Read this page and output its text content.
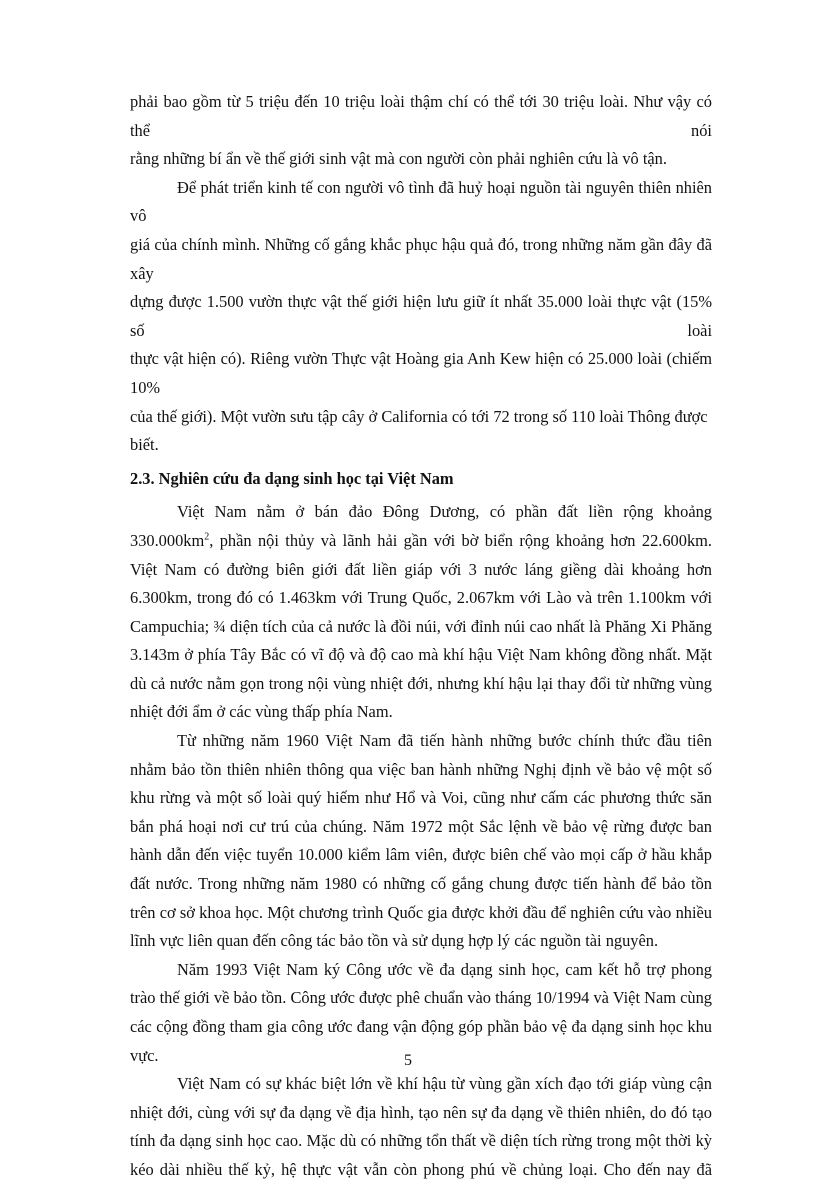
phải bao gồm từ 5 triệu đến 10 triệu loài thậm chí có thể tới 30 triệu loài. Như vậy có thể nói
rằng những bí ẩn về thế giới sinh vật mà con người còn phải nghiên cứu là vô tận.
Để phát triển kinh tế con người vô tình đã huỷ hoại nguồn tài nguyên thiên nhiên vô
giá của chính mình. Những cố gắng khắc phục hậu quả đó, trong những năm gần đây đã xây
dựng được 1.500 vườn thực vật thế giới hiện lưu giữ ít nhất 35.000 loài thực vật (15% số loài
thực vật hiện có). Riêng vườn Thực vật Hoàng gia Anh Kew hiện có 25.000 loài (chiếm 10%
của thế giới). Một vườn sưu tập cây ở California có tới 72 trong số 110 loài Thông được biết.
2.3. Nghiên cứu đa dạng sinh học tại Việt Nam
Việt Nam nằm ở bán đảo Đông Dương, có phần đất liền rộng khoảng
$330.000km^2$, phần nội thủy và lãnh hải gần với bờ biển rộng khoảng hơn 22.600km.
Việt Nam có đường biên giới đất liền giáp với 3 nước láng giềng dài khoảng hơn
6.300km, trong đó có 1.463km với Trung Quốc, 2.067km với Lào và trên 1.100km với
Campuchia; ¾ diện tích của cả nước là đồi núi, với đỉnh núi cao nhất là Phăng Xi Phăng
3.143m ở phía Tây Bắc có vĩ độ và độ cao mà khí hậu Việt Nam không đồng nhất. Mặt
dù cả nước nằm gọn trong nội vùng nhiệt đới, nhưng khí hậu lại thay đổi từ những vùng
nhiệt đới ẩm ở các vùng thấp phía Nam.
Từ những năm 1960 Việt Nam đã tiến hành những bước chính thức đầu tiên
nhằm bảo tồn thiên nhiên thông qua việc ban hành những Nghị định về bảo vệ một số
khu rừng và một số loài quý hiếm như Hổ và Voi, cũng như cấm các phương thức săn
bắn phá hoại nơi cư trú của chúng. Năm 1972 một Sắc lệnh về bảo vệ rừng được ban
hành dẫn đến việc tuyển 10.000 kiểm lâm viên, được biên chế vào mọi cấp ở hầu khắp
đất nước. Trong những năm 1980 có những cố gắng chung được tiến hành để bảo tồn
trên cơ sở khoa học. Một chương trình Quốc gia được khởi đầu để nghiên cứu vào nhiều
lĩnh vực liên quan đến công tác bảo tồn và sử dụng hợp lý các nguồn tài nguyên.
Năm 1993 Việt Nam ký Công ước về đa dạng sinh học, cam kết hỗ trợ phong
trào thế giới về bảo tồn. Công ước được phê chuẩn vào tháng 10/1994 và Việt Nam cùng
các cộng đồng tham gia công ước đang vận động góp phần bảo vệ đa dạng sinh học khu
vực.
Việt Nam có sự khác biệt lớn về khí hậu từ vùng gần xích đạo tới giáp vùng cận
nhiệt đới, cùng với sự đa dạng về địa hình, tạo nên sự đa dạng về thiên nhiên, do đó tạo
tính đa dạng sinh học cao. Mặc dù có những tổn thất về diện tích rừng trong một thời kỳ
kéo dài nhiều thế kỷ, hệ thực vật vẫn còn phong phú về chủng loại. Cho đến nay đã
5
